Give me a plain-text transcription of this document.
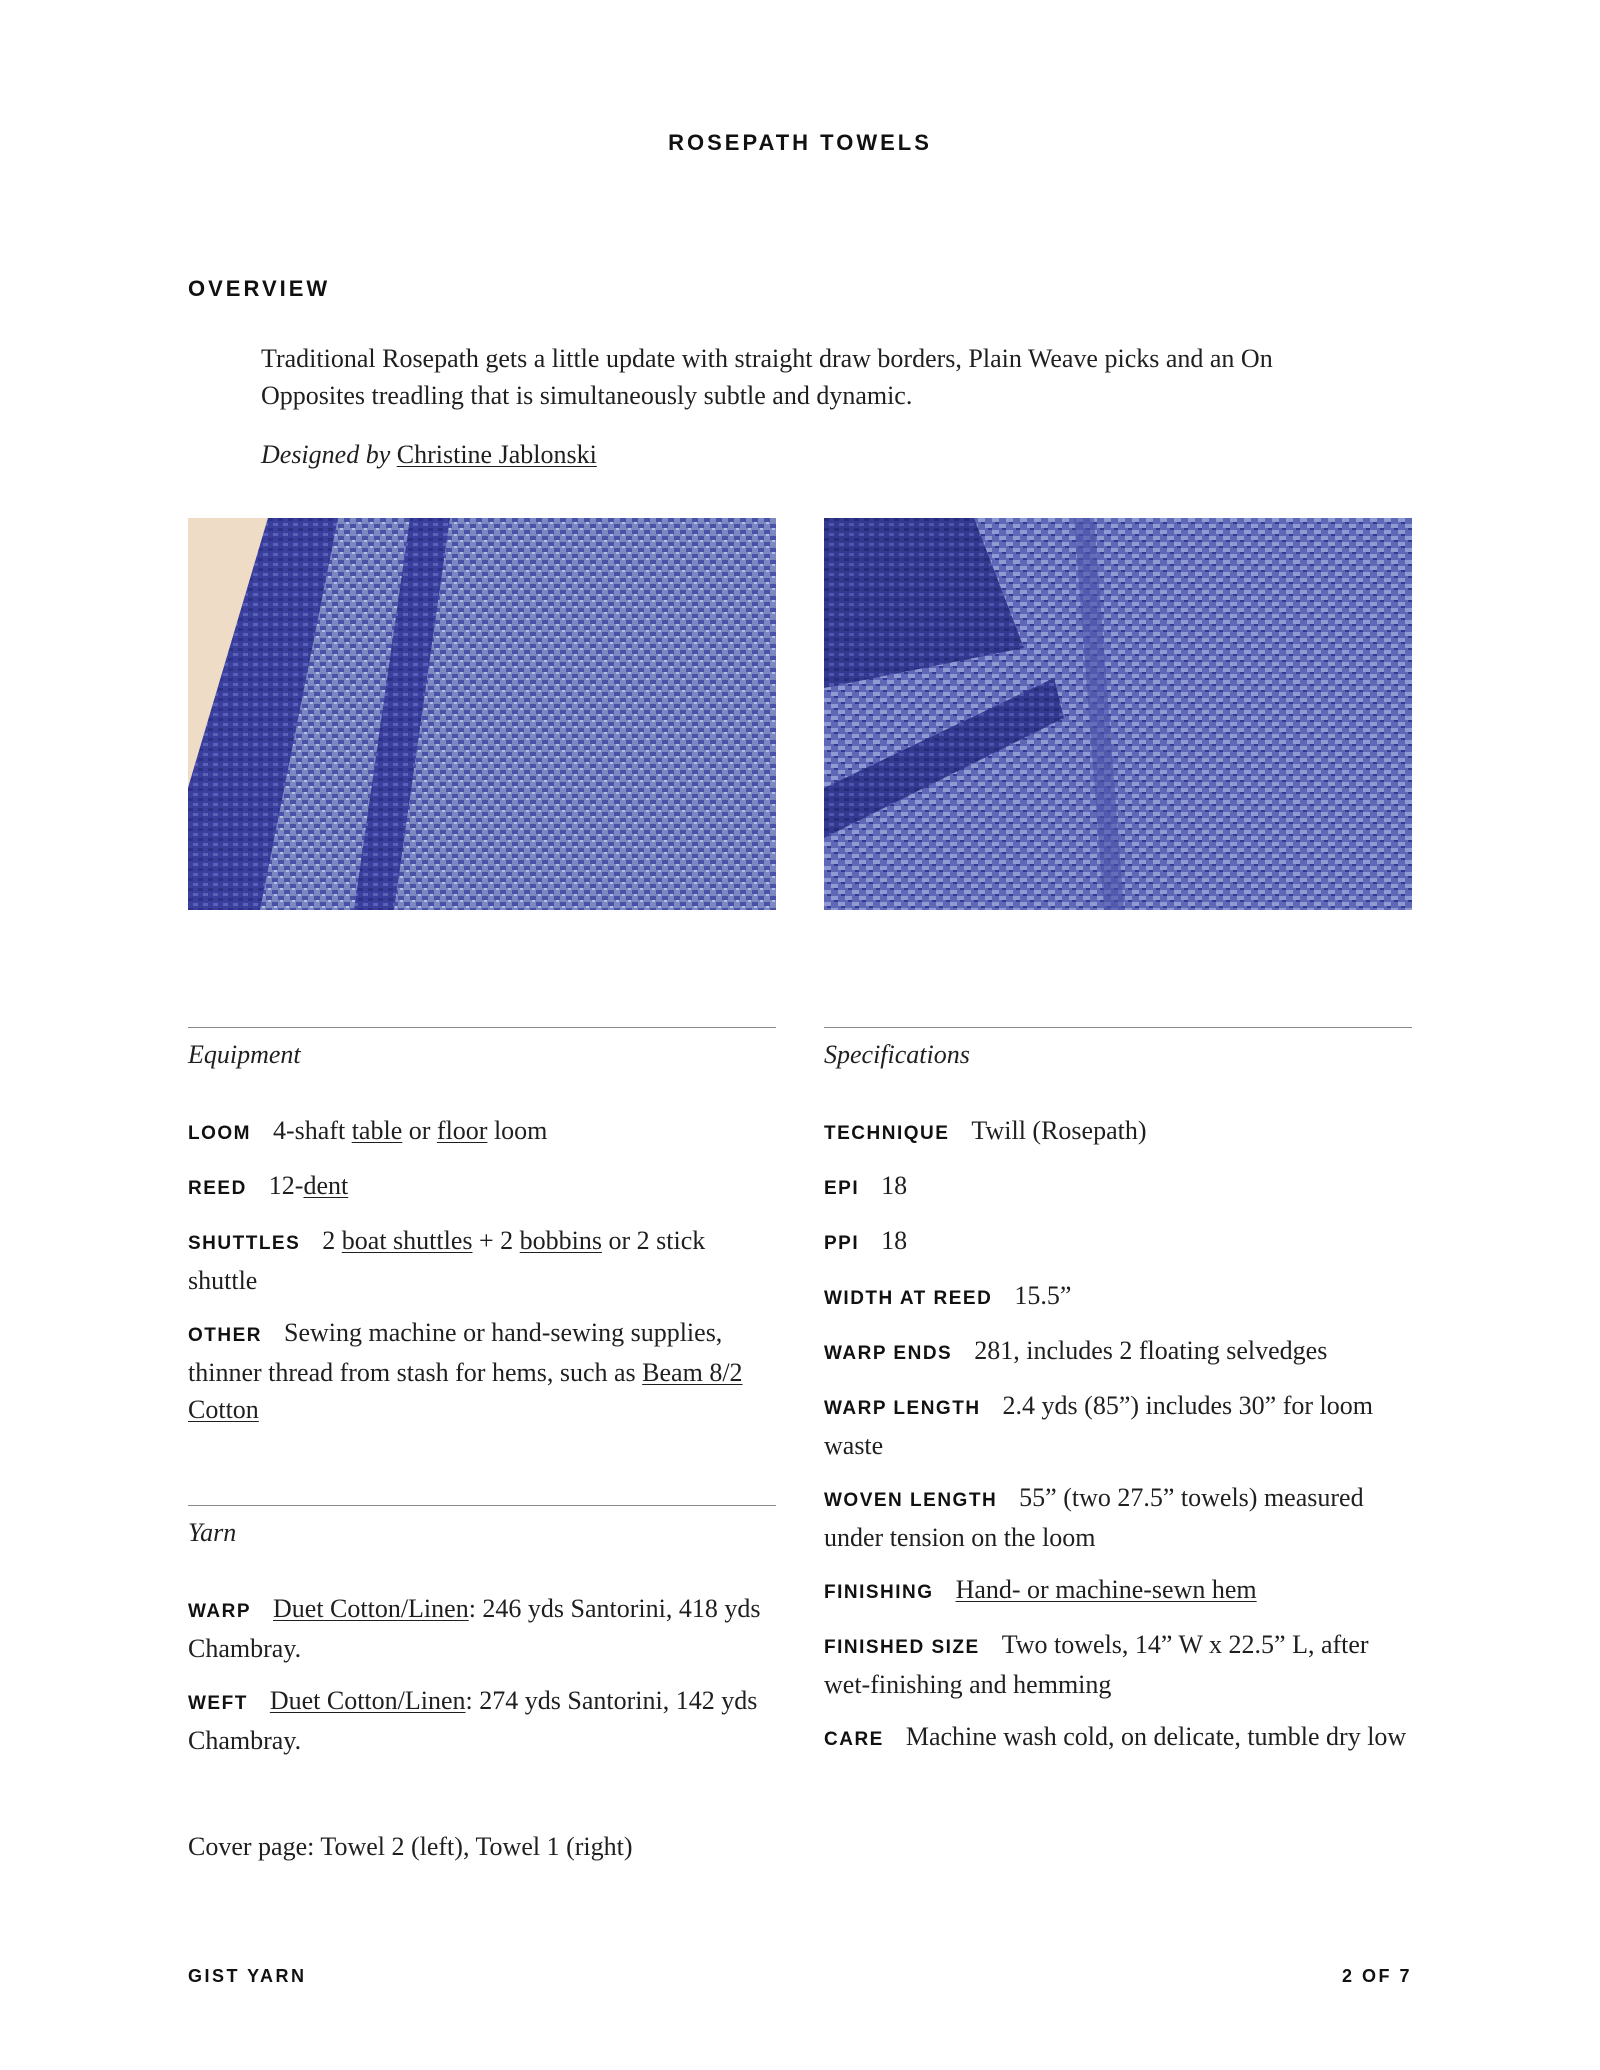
ROSEPATH TOWELS
OVERVIEW

Traditional Rosepath gets a little update with straight draw borders, Plain Weave picks and an On Opposites treadling that is simultaneously subtle and dynamic.

Designed by Christine Jablonski

Equipment

LOOM 4-shaft table or floor loom

REED 12-dent

SHUTTLES 2 boat shuttles + 2 bobbins or 2 stick shuttle

OTHER Sewing machine or hand-sewing supplies, thinner thread from stash for hems, such as Beam 8/2 Cotton

Yarn

WARP Duet Cotton/Linen: 246 yds Santorini, 418 yds Chambray.

WEFT Duet Cotton/Linen: 274 yds Santorini, 142 yds Chambray.

Specifications

TECHNIQUE Twill (Rosepath)

EPI 18

PPI 18

WIDTH AT REED 15.5”

WARP ENDS 281, includes 2 floating selvedges

WARP LENGTH 2.4 yds (85”) includes 30” for loom waste

WOVEN LENGTH 55” (two 27.5” towels) measured under tension on the loom

FINISHING Hand- or machine-sewn hem

FINISHED SIZE Two towels, 14” W x 22.5” L, after wet-finishing and hemming

CARE Machine wash cold, on delicate, tumble dry low

Cover page: Towel 2 (left), Towel 1 (right)

GIST YARN	2 OF 7
